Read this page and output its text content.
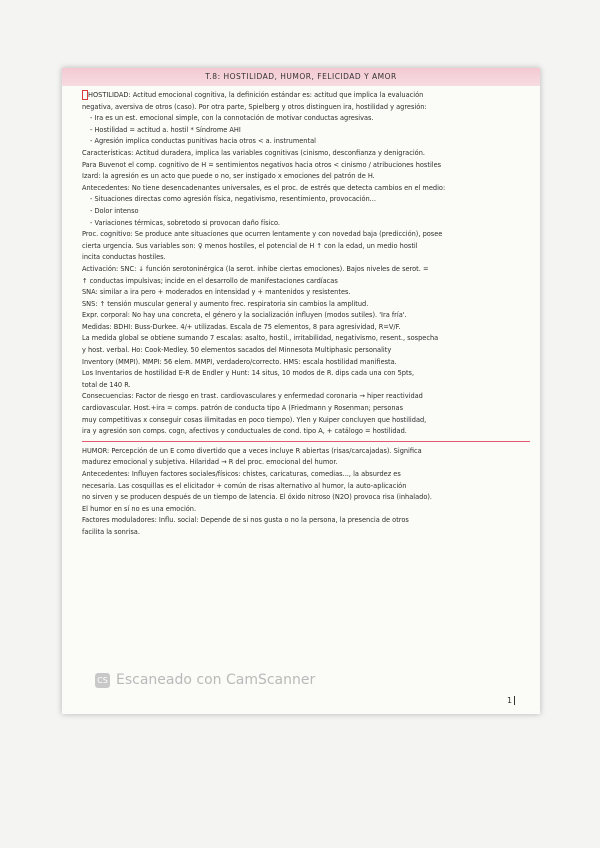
T.8: HOSTILIDAD, HUMOR, FELICIDAD Y AMOR
HOSTILIDAD: Actitud emocional cognitiva, la definición estándar es: actitud que implica la evaluación
negativa, aversiva de otros (caso). Por otra parte, Spielberg y otros distinguen ira, hostilidad y agresión:
- Ira es un est. emocional simple, con la connotación de motivar conductas agresivas.
- Hostilidad = actitud a. hostil * Síndrome AHI
- Agresión implica conductas punitivas hacia otros < a. instrumental
Características: Actitud duradera, implica las variables cognitivas (cinismo, desconfianza y denigración.
Para Buvenot el comp. cognitivo de H = sentimientos negativos hacia otros < cinismo / atribuciones hostiles
Izard: la agresión es un acto que puede o no, ser instigado x emociones del patrón de H.
Antecedentes: No tiene desencadenantes universales, es el proc. de estrés que detecta cambios en el medio:
- Situaciones directas como agresión física, negativismo, resentimiento, provocación...
- Dolor intenso
- Variaciones térmicas, sobretodo si provocan daño físico.
Proc. cognitivo: Se produce ante situaciones que ocurren lentamente y con novedad baja (predicción), posee
cierta urgencia. Sus variables son: ♀ menos hostiles, el potencial de H ↑ con la edad, un medio hostil
incita conductas hostiles.
Activación: SNC: ↓ función serotoninérgica (la serot. inhibe ciertas emociones). Bajos niveles de serot. =
↑ conductas impulsivas; incide en el desarrollo de manifestaciones cardíacas
SNA: similar a ira pero + moderados en intensidad y + mantenidos y resistentes.
SNS: ↑ tensión muscular general y aumento frec. respiratoria sin cambios la amplitud.
Expr. corporal: No hay una concreta, el género y la socialización influyen (modos sutiles). 'Ira fría'.
Medidas: BDHI: Buss-Durkee. 4/+ utilizadas. Escala de 75 elementos, 8 para agresividad, R=V/F.
La medida global se obtiene sumando 7 escalas: asalto, hostil., irritabilidad, negativismo, resent., sospecha
y host. verbal. Ho: Cook-Medley. 50 elementos sacados del Minnesota Multiphasic personality
Inventory (MMPI). MMPI: 56 elem. MMPI, verdadero/correcto. HMS: escala hostilidad manifiesta.
Los Inventarios de hostilidad E-R de Endler y Hunt: 14 situs, 10 modos de R. dips cada una con 5pts,
total de 140 R.
Consecuencias: Factor de riesgo en trast. cardiovasculares y enfermedad coronaria → hiper reactividad
cardiovascular. Host.+ira = comps. patrón de conducta tipo A (Friedmann y Rosenman; personas
muy competitivas x conseguir cosas ilimitadas en poco tiempo). Ylen y Kuiper concluyen que hostilidad,
ira y agresión son comps. cogn, afectivos y conductuales de cond. tipo A, + catálogo = hostilidad.
HUMOR: Percepción de un E como divertido que a veces incluye R abiertas (risas/carcajadas). Significa
madurez emocional y subjetiva. Hilaridad → R del proc. emocional del humor.
Antecedentes: Influyen factores sociales/físicos: chistes, caricaturas, comedias..., la absurdez es
necesaria. Las cosquillas es el elicitador + común de risas alternativo al humor, la auto-aplicación
no sirven y se producen después de un tiempo de latencia. El óxido nitroso (N2O) provoca risa (inhalado).
El humor en sí no es una emoción.
Factores moduladores: Influ. social: Depende de si nos gusta o no la persona, la presencia de otros
facilita la sonrisa.
CS Escaneado con CamScanner
1
